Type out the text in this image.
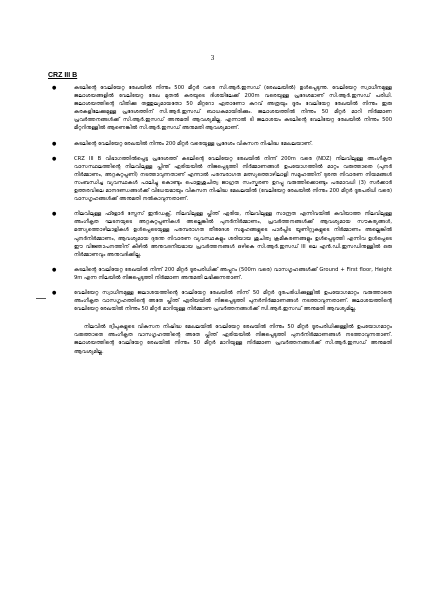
3
CRZ III B

● കടലിന്റെ വേലിയേറ്റ രേഖയിൽ നിന്നും 500 മീറ്റർ വരെ സി.ആർ.ഇസഡ് (രേഖലയിൽ) ഉൾപ്പെടുന്നു. വേലിയേറ്റ സ്വാധീനമുള്ള ജലാശയങ്ങളിൽ വേലിയേറ്റ രേഖ മുതൽ കരയുടെ ദിശയിലേക്ക് 200m വരെയുള്ള പ്രദേശമാണ് സി.ആർ.ഇസഡ് പരിധി. ജലാശയത്തിന്റെ വീതിക്കു തത്തുല്യമായതോ 50 മീറ്ററോ ഏതാണോ കുറവ് അത്രയും ദൂരം വേലിയേറ്റ രേഖയിൽ നിന്നും ഇരു കരകളിലേക്കുമുള്ള പ്രദേശത്തിന് സി.ആർ.ഇസഡ് ബാധകമായിരിക്കും. ജലാശയത്തിൽ നിന്നും 50 മീറ്റർ മാറി നിർമ്മാണ പ്രവർത്തനങ്ങൾക്ക് സി.ആർ.ഇസഡ് അനുമതി ആവശ്യമില്ല. എന്നാൽ ടി ജലാശയം കടലിന്റെ വേലിയേറ്റ രേഖയിൽ നിന്നും 500 മീറ്ററിനുള്ളിൽ ആണെങ്കിൽ സി.ആർ.ഇസഡ് അനുമതി ആവശ്യമാണ്.

● കടലിന്റെ വേലിയേറ്റ രേഖയിൽ നിന്നും 200 മീറ്റർ വരെയുള്ള പ്രദേശം വികസന നിഷിദ്ധ മേഖലയാണ്.

● CRZ III B വിഭാഗത്തിൽപ്പെട്ട പ്രദേശത്ത് കടലിന്റെ വേലിയേറ്റ രേഖയിൽ നിന്ന് 200m വരെ (NDZ) നിലവിലുള്ള അംഗീകൃത വാസസ്ഥലത്തിന്റെ നിലവിലുള്ള പ്ലിന്ത് ഏരിയയിൽ നിജപ്പെടുത്തി നിർമ്മാണങ്ങൾ ഉപയോഗത്തിൽ മാറ്റം വരുത്താതെ (പുനർ നിർമ്മാണം, അറ്റകുറ്റപ്പണി) നടത്താവുന്നതാണ് എന്നാൽ പരമ്പരാഗത മത്സ്യത്തൊഴിലാളി സമൂഹത്തിന് ദുരന്ത നിവാരണ നിയമങ്ങൾ സംബന്ധിച്ച വ്യവസ്ഥകൾ പാലിച്ചു കൊണ്ടും പൊതുശുചിത്വ ജാഗ്രത സംസ്കരണ ഉറപ്പു വരുത്തിക്കൊണ്ടും പരമാവധി (3) സർക്കാർ ഉത്തരവിലെ മാനദണ്ഡങ്ങൾക്ക് വിധേയമായും വികസന നിഷിദ്ധ മേഖലയിൽ (വേലിയേറ്റ രേഖയിൽ നിന്നും 200 മീറ്റർ ദൂരപരിധി വരെ) വാസഗൃഹങ്ങൾക്ക് അനുമതി നൽകാവുന്നതാണ്.

● നിലവിലുള്ള ഫ്ളോർ സ്പേസ് ഇൻഡക്സ്, നിലവിലുള്ള പ്ലിന്ത് ഏരിയ, നിലവിലുള്ള സാന്ദ്രത എന്നിവയിൽ കവിയാത്ത നിലവിലുള്ള അംഗീകൃത ഘടനയുടെ അറ്റകുറ്റപ്പണികൾ അല്ലെങ്കിൽ പുനർനിർമ്മാണം, പ്രവർത്തനങ്ങൾക്ക് ആവശ്യമായ സൗകര്യങ്ങൾ, മത്സ്യത്തൊഴിലാളികൾ ഉൾപ്പെടെയുള്ള പരമ്പരാഗത തീരദേശ സമൂഹങ്ങളുടെ പാർപ്പിട യൂണിറ്റുകളുടെ നിർമ്മാണം അല്ലെങ്കിൽ പുനർനിർമ്മാണം, ആവശ്യമായ ദുരന്ത നിവാരണ വ്യവസ്ഥകളും ശരിയായ ശുചിത്വ ക്രമീകരണങ്ങളും ഉൾപ്പെടുത്തി എന്നിവ ഉൾപ്പെടെ ഈ വിജ്ഞാപനത്തിന് കീഴിൽ അനുവദനീയമായ പ്രവർത്തനങ്ങൾ ഒഴികെ സി.ആർ.ഇസഡ് III ലെ എൻ.ഡി.ഇസഡിനുള്ളിൽ ഒരു നിർമ്മാണവും അനുവദിക്കില്ല.

● കടലിന്റെ വേലിയേറ്റ രേഖയിൽ നിന്ന് 200 മീറ്റർ ദൂരപരിധിക്ക് അപ്പുറം (500m വരെ) വാസഗൃഹങ്ങൾക്ക് Ground + First floor, Height 9m എന്ന നിലയിൽ നിജപ്പെടുത്തി നിർമ്മാണ അനുമതി ലഭിക്കുന്നതാണ്.

● വേലിയേറ്റ സ്വാധീനമുള്ള ജലാശയത്തിന്റെ വേലിയേറ്റ രേഖയിൽ നിന്ന് 50 മീറ്റർ ദൂരപരിധിക്കുള്ളിൽ ഉപയോഗമാറ്റം വരുത്താതെ അംഗീകൃത വാസഗൃഹത്തിന്റെ അതേ പ്ലിന്ത് ഏരിയയിൽ നിജപ്പെടുത്തി പുനർനിർമ്മാണങ്ങൾ നടത്താവുന്നതാണ്. ജലാശയത്തിന്റെ വേലിയേറ്റ രേഖയിൽ നിന്നും 50 മീറ്റർ മാറിയുള്ള നിർമ്മാണ പ്രവർത്തനങ്ങൾക്ക് സി.ആർ.ഇസഡ് അനുമതി ആവശ്യമില്ല.

നിലവിൽ ദ്വീപുകളുടെ വികസന നിഷിദ്ധ മേഖലയിൽ വേലിയേറ്റ രേഖയിൽ നിന്നും 50 മീറ്റർ ദൂരപരിധിക്കുള്ളിൽ ഉപയോഗമാറ്റം വരുത്താതെ അംഗീകൃത വാസഗൃഹത്തിന്റെ അതേ പ്ലിന്ത് ഏരിയയിൽ നിജപ്പെടുത്തി പുനർനിർമ്മാണങ്ങൾ നടത്താവുന്നതാണ്. ജലാശയത്തിന്റെ വേലിയേറ്റ രേഖയിൽ നിന്നും 50 മീറ്റർ മാറിയുള്ള നിർമ്മാണ പ്രവർത്തനങ്ങൾക്ക് സി.ആർ.ഇസഡ് അനുമതി ആവശ്യമില്ല.
